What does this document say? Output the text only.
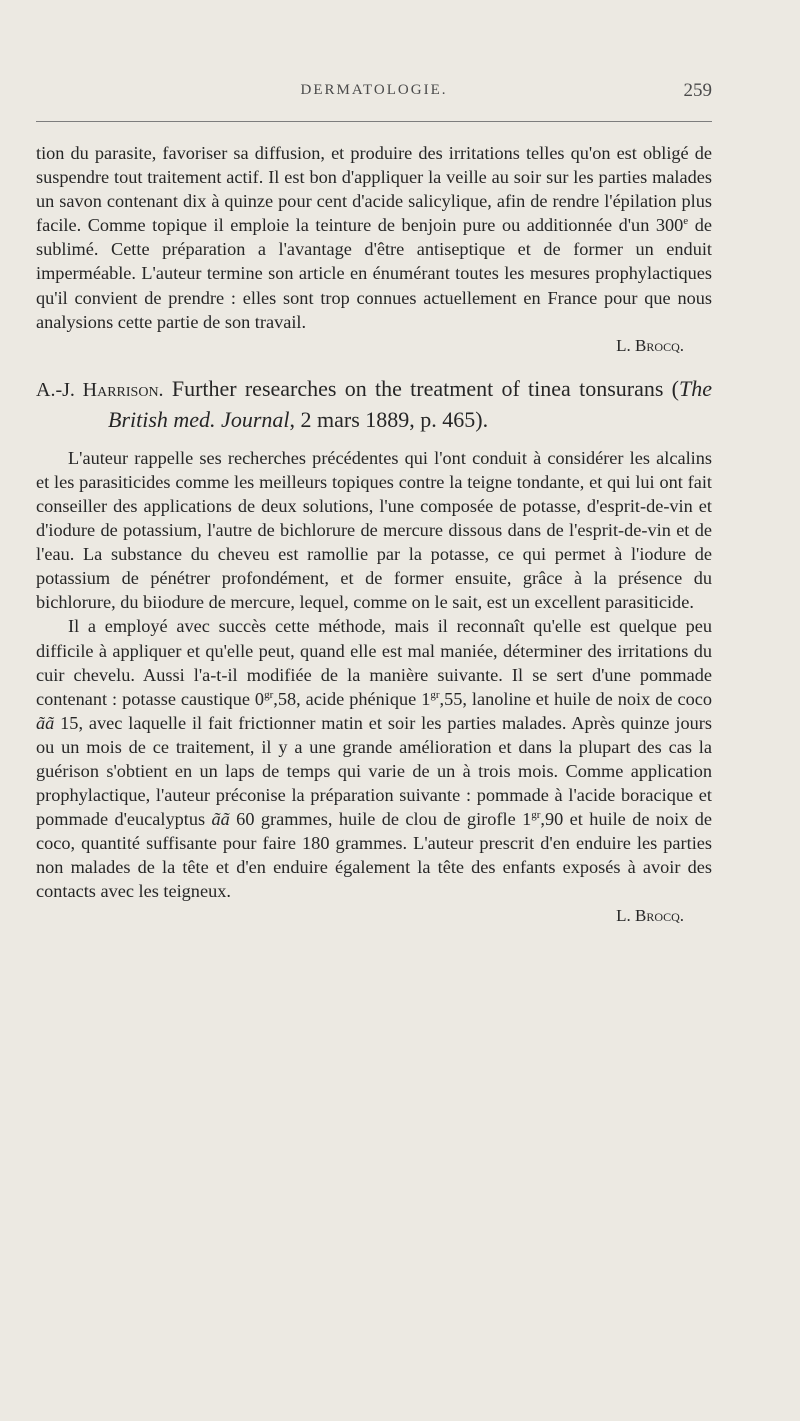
DERMATOLOGIE.	259

tion du parasite, favoriser sa diffusion, et produire des irritations telles qu'on est obligé de suspendre tout traitement actif. Il est bon d'appliquer la veille au soir sur les parties malades un savon contenant dix à quinze pour cent d'acide salicylique, afin de rendre l'épilation plus facile. Comme topique il emploie la teinture de benjoin pure ou additionnée d'un 300e de sublimé. Cette préparation a l'avantage d'être antiseptique et de former un enduit imperméable. L'auteur termine son article en énumérant toutes les mesures prophylactiques qu'il convient de prendre : elles sont trop connues actuellement en France pour que nous analysions cette partie de son travail.

L. Brocq.
A.-J. Harrison. Further researches on the treatment of tinea tonsurans (The British med. Journal, 2 mars 1889, p. 465).

L'auteur rappelle ses recherches précédentes qui l'ont conduit à considérer les alcalins et les parasiticides comme les meilleurs topiques contre la teigne tondante, et qui lui ont fait conseiller des applications de deux solutions, l'une composée de potasse, d'esprit-de-vin et d'iodure de potassium, l'autre de bichlorure de mercure dissous dans de l'esprit-de-vin et de l'eau. La substance du cheveu est ramollie par la potasse, ce qui permet à l'iodure de potassium de pénétrer profondément, et de former ensuite, grâce à la présence du bichlorure, du biiodure de mercure, lequel, comme on le sait, est un excellent parasiticide.

Il a employé avec succès cette méthode, mais il reconnaît qu'elle est quelque peu difficile à appliquer et qu'elle peut, quand elle est mal maniée, déterminer des irritations du cuir chevelu. Aussi l'a-t-il modifiée de la manière suivante. Il se sert d'une pommade contenant : potasse caustique $0^{gr},58$, acide phénique $1^{gr},55$, lanoline et huile de noix de coco ãã 15, avec laquelle il fait frictionner matin et soir les parties malades. Après quinze jours ou un mois de ce traitement, il y a une grande amélioration et dans la plupart des cas la guérison s'obtient en un laps de temps qui varie de un à trois mois. Comme application prophylactique, l'auteur préconise la préparation suivante : pommade à l'acide boracique et pommade d'eucalyptus ãã 60 grammes, huile de clou de girofle $1^{gr},90$ et huile de noix de coco, quantité suffisante pour faire 180 grammes. L'auteur prescrit d'en enduire les parties non malades de la tête et d'en enduire également la tête des enfants exposés à avoir des contacts avec les teigneux.

L. Brocq.
